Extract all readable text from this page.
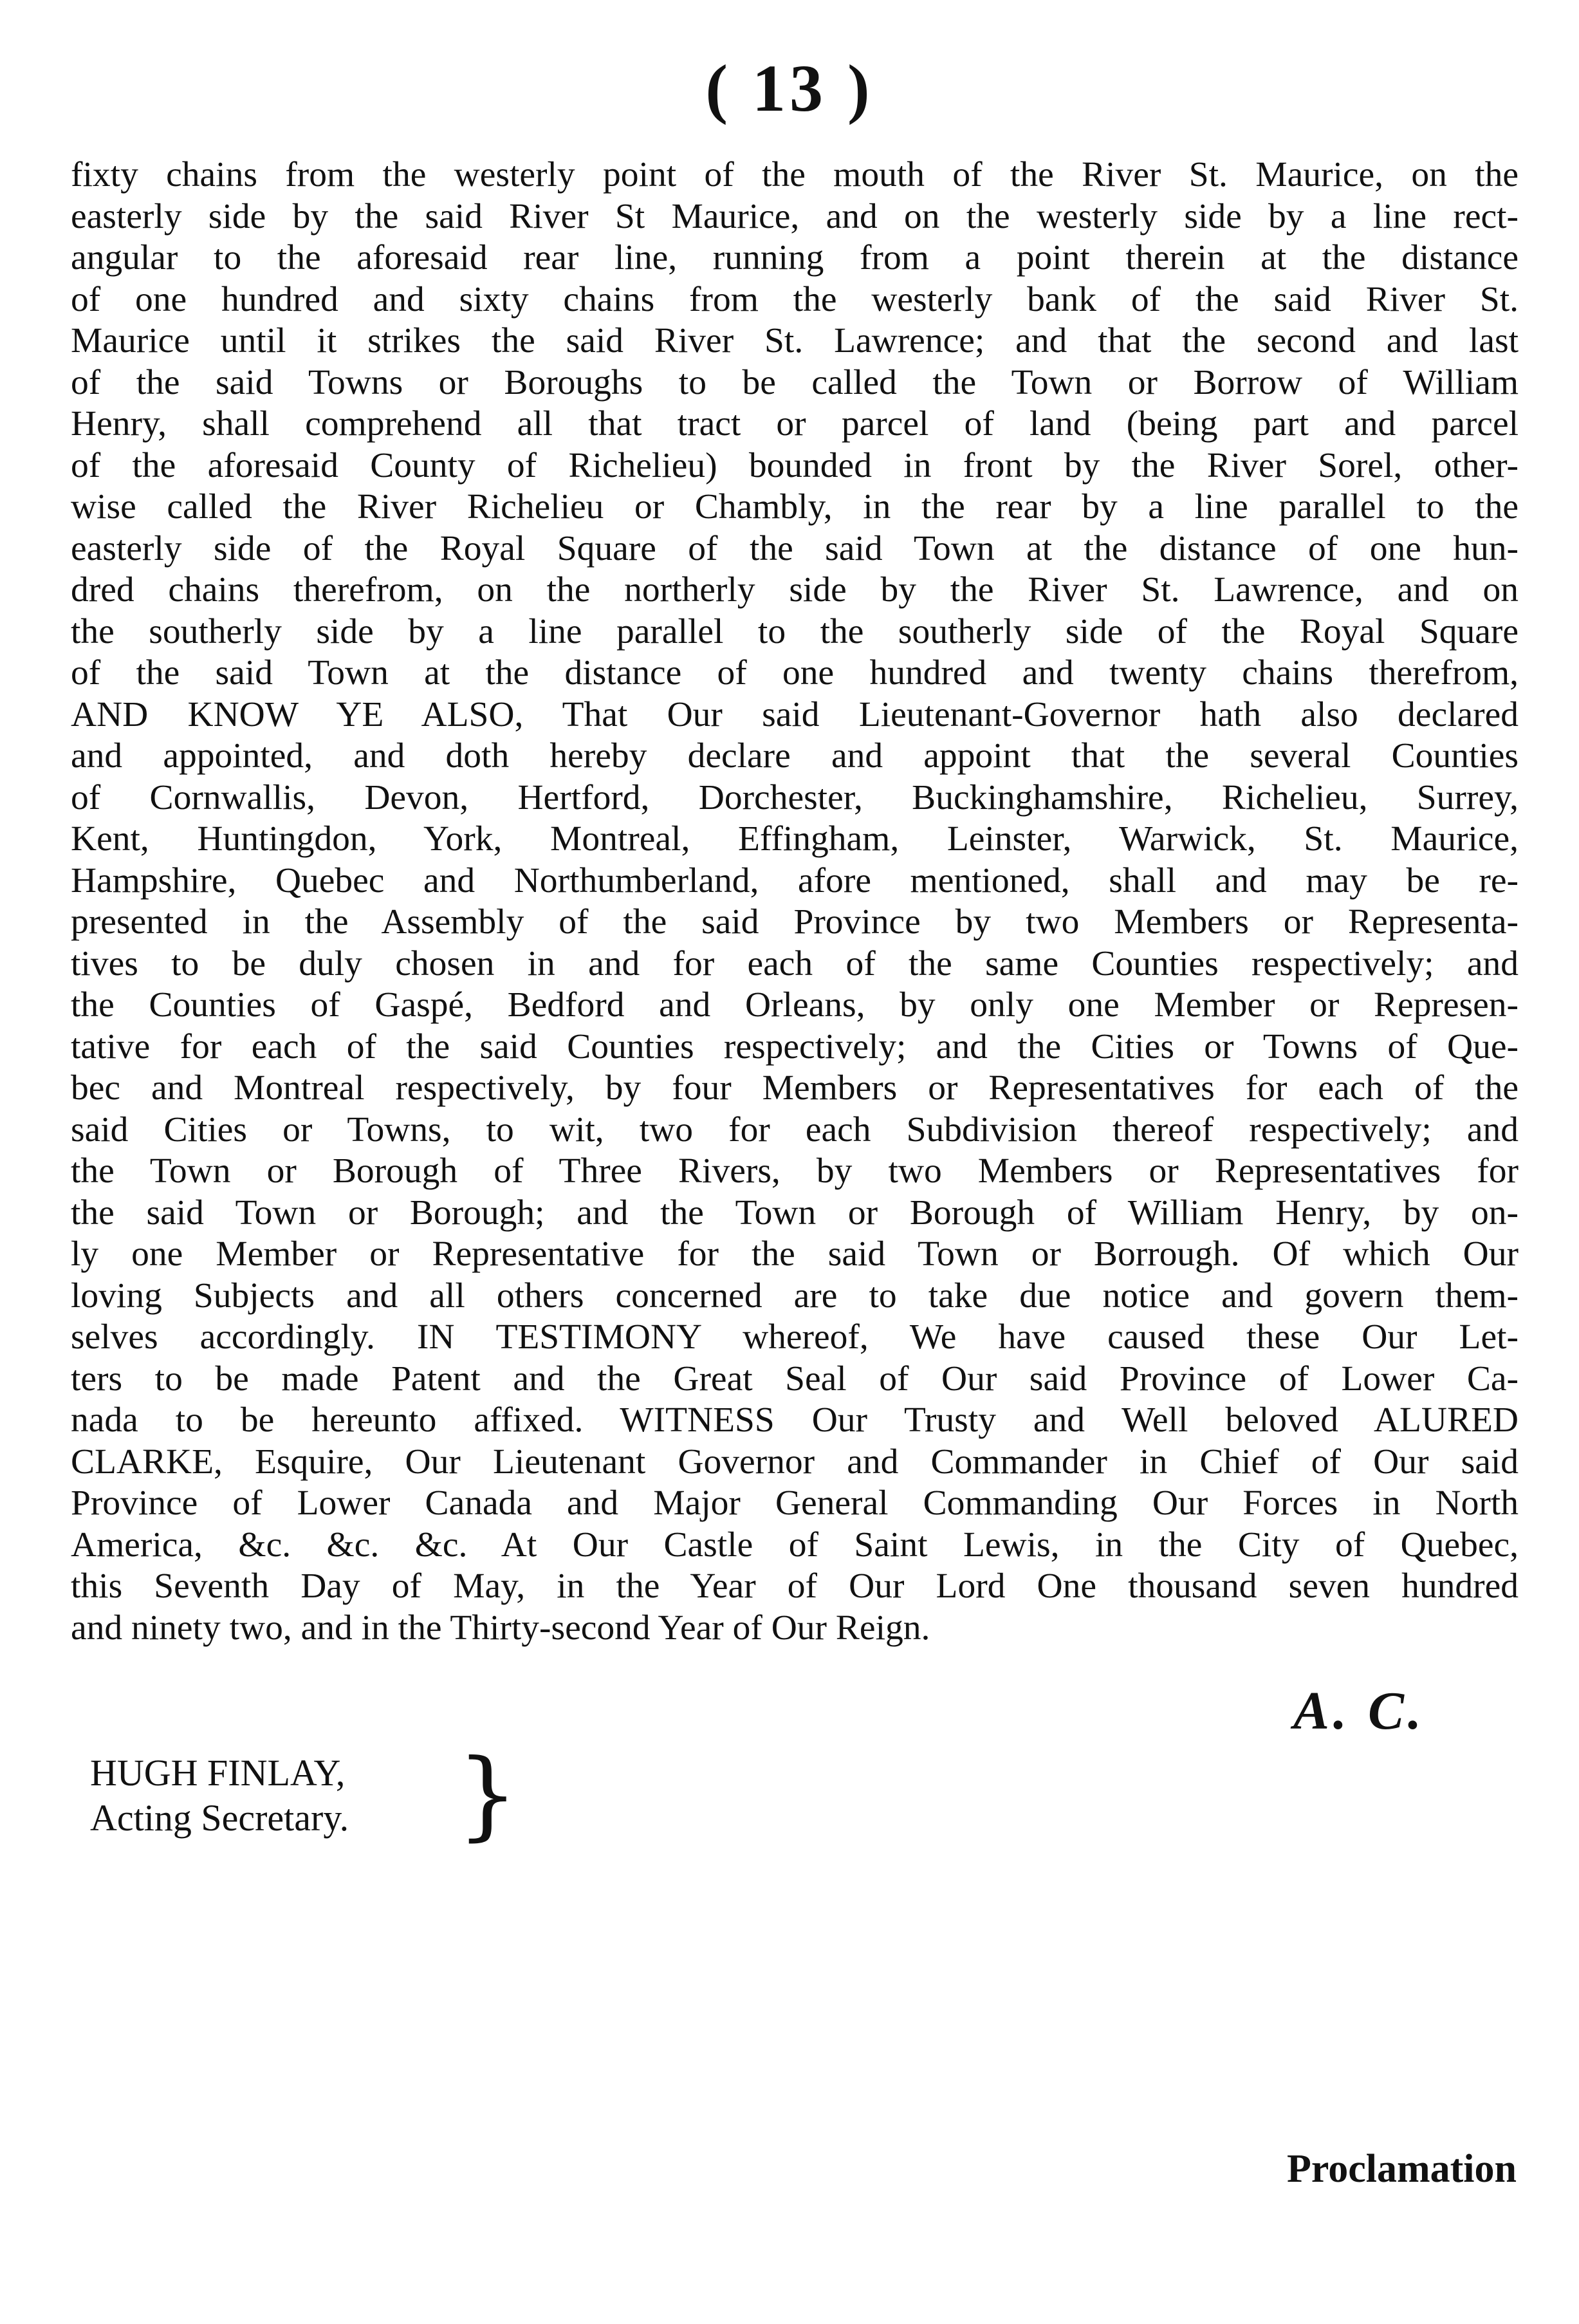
( 13 )
fixty chains from the westerly point of the mouth of the River St. Maurice, on the
easterly side by the said River St Maurice, and on the westerly side by a line rect-
angular to the aforesaid rear line, running from a point therein at the distance
of one hundred and sixty chains from the westerly bank of the said River St.
Maurice until it strikes the said River St. Lawrence; and that the second and last
of the said Towns or Boroughs to be called the Town or Borrow of William
Henry, shall comprehend all that tract or parcel of land (being part and parcel
of the aforesaid County of Richelieu) bounded in front by the River Sorel, other-
wise called the River Richelieu or Chambly, in the rear by a line parallel to the
easterly side of the Royal Square of the said Town at the distance of one hun-
dred chains therefrom, on the northerly side by the River St. Lawrence, and on
the southerly side by a line parallel to the southerly side of the Royal Square
of the said Town at the distance of one hundred and twenty chains therefrom,
AND KNOW YE ALSO, That Our said Lieutenant-Governor hath also declared
and appointed, and doth hereby declare and appoint that the several Counties
of Cornwallis, Devon, Hertford, Dorchester, Buckinghamshire, Richelieu, Surrey,
Kent, Huntingdon, York, Montreal, Effingham, Leinster, Warwick, St. Maurice,
Hampshire, Quebec and Northumberland, afore mentioned, shall and may be re-
presented in the Assembly of the said Province by two Members or Representa-
tives to be duly chosen in and for each of the same Counties respectively; and
the Counties of Gaspé, Bedford and Orleans, by only one Member or Represen-
tative for each of the said Counties respectively; and the Cities or Towns of Que-
bec and Montreal respectively, by four Members or Representatives for each of the
said Cities or Towns, to wit, two for each Subdivision thereof respectively; and
the Town or Borough of Three Rivers, by two Members or Representatives for
the said Town or Borough; and the Town or Borough of William Henry, by on-
ly one Member or Representative for the said Town or Borrough. Of which Our
loving Subjects and all others concerned are to take due notice and govern them-
selves accordingly. IN TESTIMONY whereof, We have caused these Our Let-
ters to be made Patent and the Great Seal of Our said Province of Lower Ca-
nada to be hereunto affixed. WITNESS Our Trusty and Well beloved ALURED
CLARKE, Esquire, Our Lieutenant Governor and Commander in Chief of Our said
Province of Lower Canada and Major General Commanding Our Forces in North
America, &c. &c. &c. At Our Castle of Saint Lewis, in the City of Quebec,
this Seventh Day of May, in the Year of Our Lord One thousand seven hundred
and ninety two, and in the Thirty-second Year of Our Reign.
A. C.
HUGH FINLAY,
Acting Secretary. }
Proclamation
